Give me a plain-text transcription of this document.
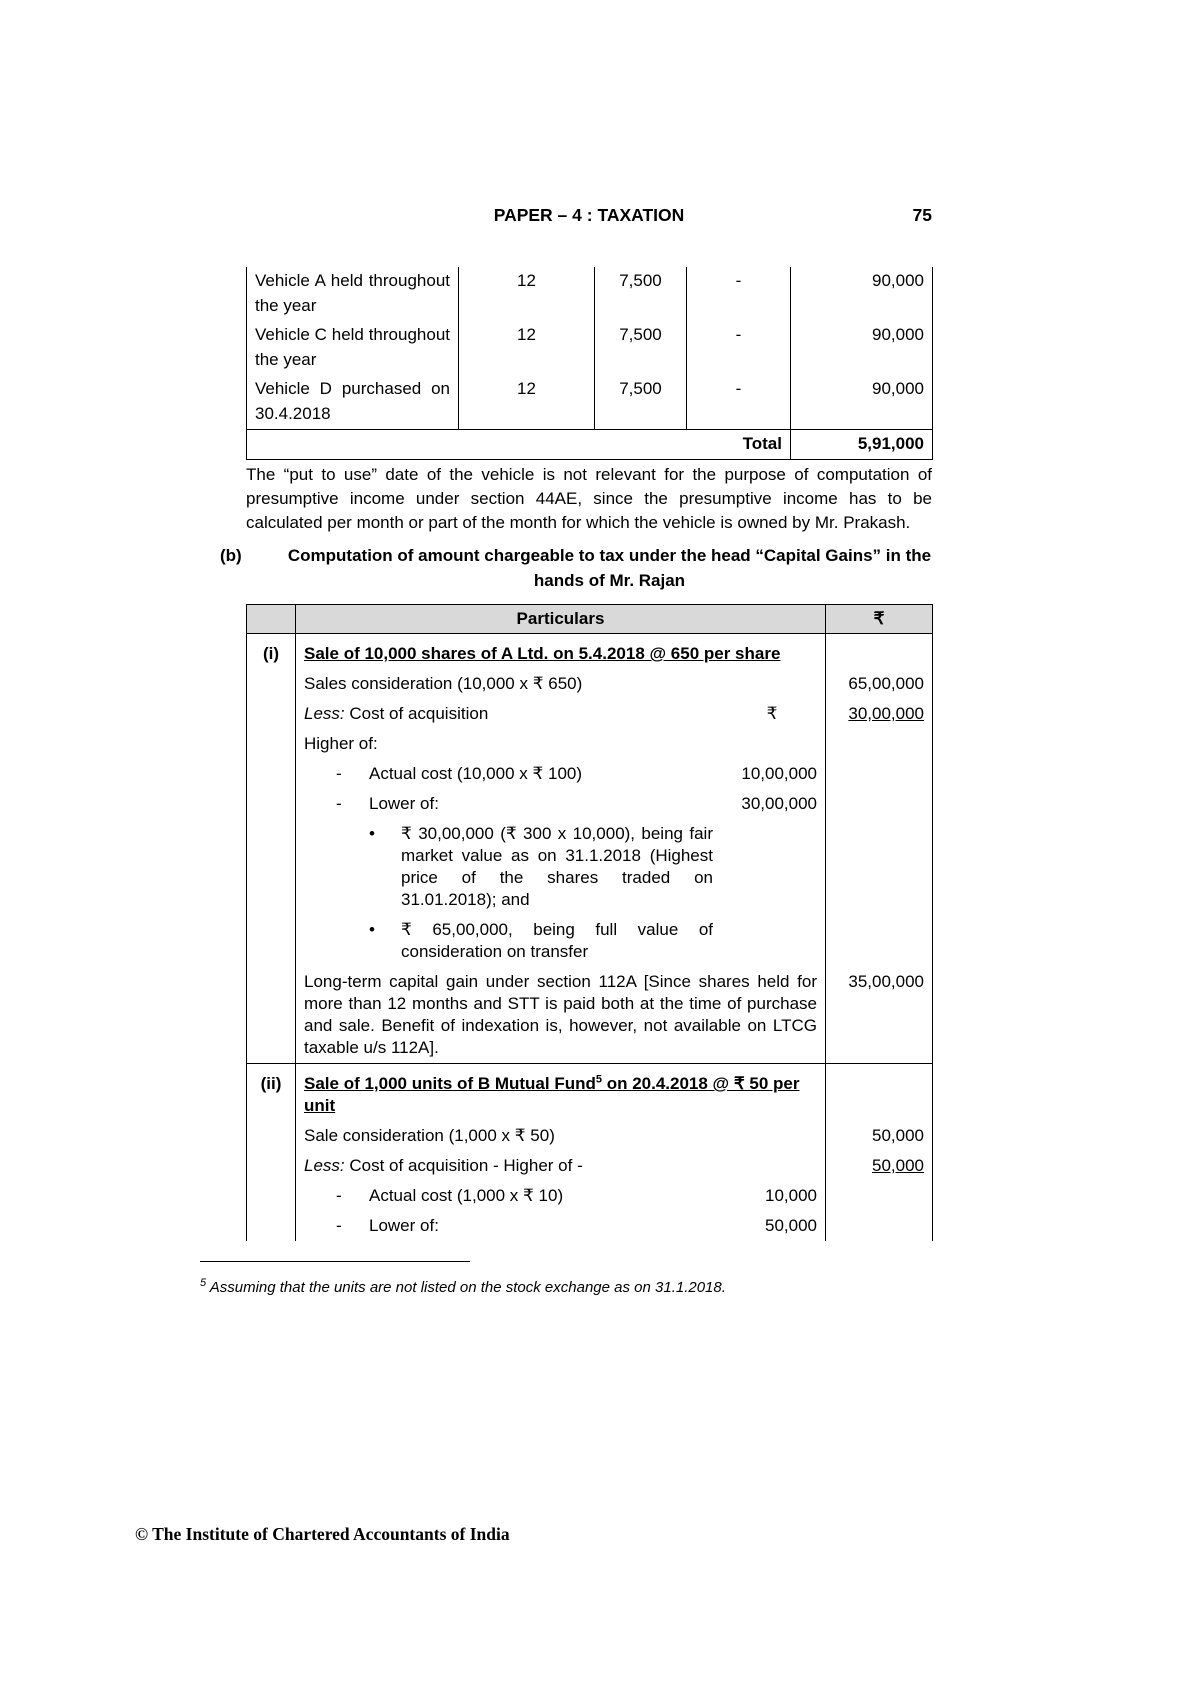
PAPER – 4 : TAXATION	75
Vehicle A held throughout the year	12	7,500	-	90,000
Vehicle C held throughout the year	12	7,500	-	90,000
Vehicle D purchased on 30.4.2018	12	7,500	-	90,000
Total				5,91,000

The “put to use” date of the vehicle is not relevant for the purpose of computation of presumptive income under section 44AE, since the presumptive income has to be calculated per month or part of the month for which the vehicle is owned by Mr. Prakash.

(b)	Computation of amount chargeable to tax under the head “Capital Gains” in the hands of Mr. Rajan
	Particulars	₹
(i)	Sale of 10,000 shares of A Ltd. on 5.4.2018 @ 650 per share	
	Sales consideration (10,000 x ₹ 650)	65,00,000

	Less: Cost of acquisition ₹	30,00,000
	Higher of:	

	- Actual cost (10,000 x ₹ 100) 10,00,000	

	- Lower of: 30,00,000	

	• ₹ 30,00,000 (₹ 300 x 10,000), being fair market value as on 31.1.2018 (Highest price of the shares traded on 31.01.2018); and	

	• ₹ 65,00,000, being full value of consideration on transfer	

	Long-term capital gain under section 112A [Since shares held for more than 12 months and STT is paid both at the time of purchase and sale. Benefit of indexation is, however, not available on LTCG taxable u/s 112A].	35,00,000
(ii)	Sale of 1,000 units of B Mutual Fund$^5$ on 20.4.2018 @ ₹ 50 per unit	
	Sale consideration (1,000 x ₹ 50)	50,000
	Less: Cost of acquisition - Higher of -	50,000

	- Actual cost (1,000 x ₹ 10) 10,000	

	- Lower of: 50,000	

$^5$ Assuming that the units are not listed on the stock exchange as on 31.1.2018.
© The Institute of Chartered Accountants of India
